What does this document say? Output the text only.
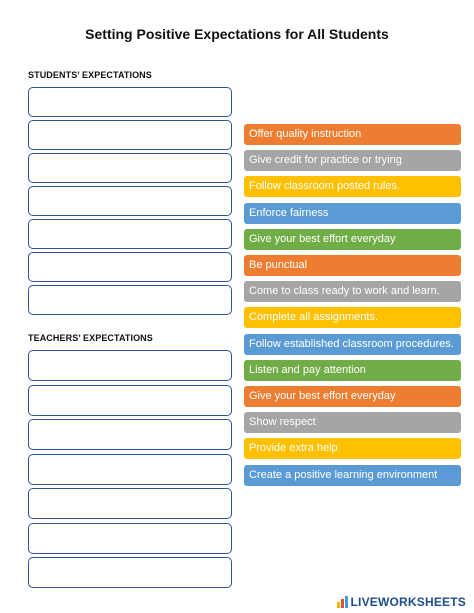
Setting Positive Expectations for All Students
STUDENTS’ EXPECTATIONS
TEACHERS’ EXPECTATIONS
Offer quality instruction
Give credit for practice or trying
Follow classroom posted rules.
Enforce fairness
Give your best effort everyday
Be punctual
Come to class ready to work and learn.
Complete all assignments.
Follow established classroom procedures.
Listen and pay attention
Give your best effort everyday
Show respect
Provide extra help
Create a positive learning environment
LIVEWORKSHEETS
